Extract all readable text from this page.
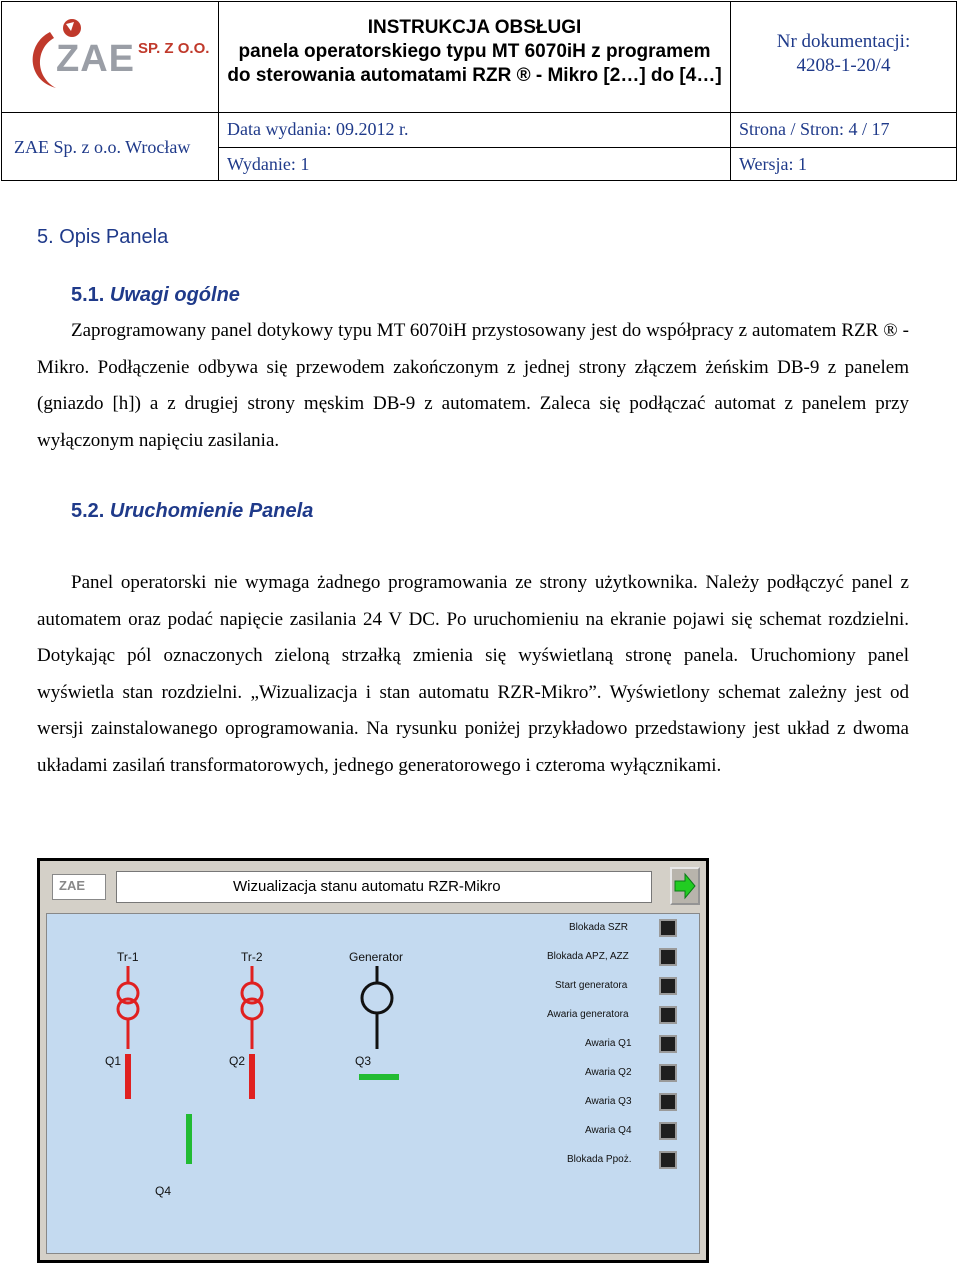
ZAE SP. Z O.O.
INSTRUKCJA OBSŁUGI
panela operatorskiego typu MT 6070iH z programem
do sterowania automatami RZR ® - Mikro [2…] do [4…]
Nr dokumentacji:
4208-1-20/4
ZAE Sp. z o.o. Wrocław
Data wydania: 09.2012 r.	Strona / Stron: 4 / 17
Wydanie: 1	Wersja: 1
5. Opis Panela
5.1. Uwagi ogólne

Zaprogramowany panel dotykowy typu MT 6070iH przystosowany jest do współpracy z automatem RZR ® -Mikro. Podłączenie odbywa się przewodem zakończonym z jednej strony złączem żeńskim DB-9 z panelem (gniazdo [h]) a z drugiej strony męskim DB-9 z automatem. Zaleca się podłączać automat z panelem przy wyłączonym napięciu zasilania.

5.2. Uruchomienie Panela

Panel operatorski nie wymaga żadnego programowania ze strony użytkownika. Należy podłączyć panel z automatem oraz podać napięcie zasilania 24 V DC. Po uruchomieniu na ekranie pojawi się schemat rozdzielni. Dotykając pól oznaczonych zieloną strzałką zmienia się wyświetlaną stronę panela. Uruchomiony panel wyświetla stan rozdzielni. „Wizualizacja i stan automatu RZR-Mikro”. Wyświetlony schemat zależny jest od wersji zainstalowanego oprogramowania. Na rysunku poniżej przykładowo przedstawiony jest układ z dwoma układami zasilań transformatorowych, jednego generatorowego i czteroma wyłącznikami.

ZAE	Wizualizacja stanu automatu RZR-Mikro
Tr-1	Tr-2	Generator
Q1	Q2	Q3
Q4
Blokada SZR
Blokada APZ, AZZ
Start generatora
Awaria generatora
Awaria Q1
Awaria Q2
Awaria Q3
Awaria Q4
Blokada Ppoż.
